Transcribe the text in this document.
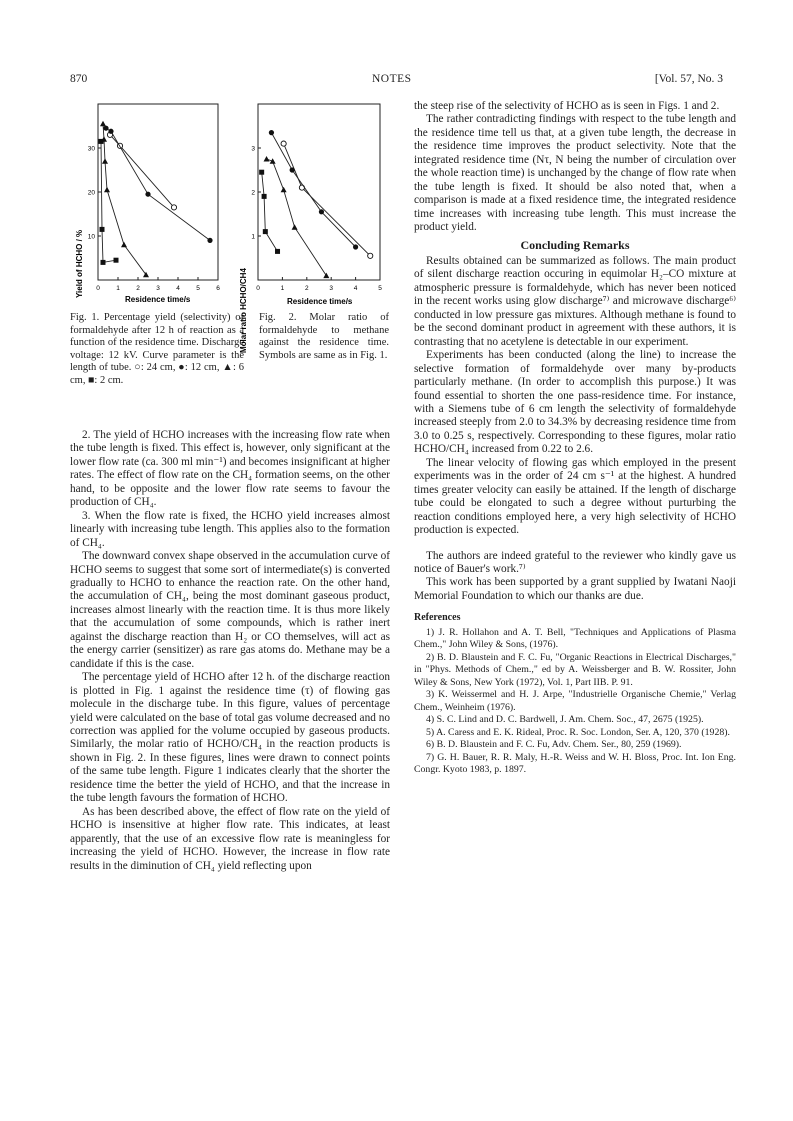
870	NOTES	[Vol. 57, No. 3
Yield of HCHO / %
Residence time/s
0	1	2	3	4	5	6
10
20
30
Fig. 1. Percentage yield (selectivity) of formaldehyde after 12 h of reaction as a function of the residence time. Discharge voltage: 12 kV. Curve parameter is the length of tube. ○: 24 cm, ●: 12 cm, ▲: 6 cm, ■: 2 cm.
Molar ratio HCHO/CH4	Residence time/s
0	1	2	3	4	5
1
2
3
Fig. 2. Molar ratio of formaldehyde to methane against the residence time. Symbols are same as in Fig. 1.

2. The yield of HCHO increases with the increasing flow rate when the tube length is fixed. This effect is, however, only significant at the lower flow rate (ca. 300 ml min⁻¹) and becomes insignificant at higher rates. The effect of flow rate on the CH₄ formation seems, on the other hand, to be opposite and the lower flow rate seems to favour the production of CH₄.

3. When the flow rate is fixed, the HCHO yield increases almost linearly with increasing tube length. This applies also to the formation of CH₄.

The downward convex shape observed in the accumulation curve of HCHO seems to suggest that some sort of intermediate(s) is converted gradually to HCHO to enhance the reaction rate. On the other hand, the accumulation of CH₄, being the most dominant gaseous product, increases almost linearly with the reaction time. It is thus more likely that the accumulation of some compounds, which is rather inert against the discharge reaction than H₂ or CO themselves, will act as the energy carrier (sensitizer) as rare gas atoms do. Methane may be a candidate if this is the case.

The percentage yield of HCHO after 12 h. of the discharge reaction is plotted in Fig. 1 against the residence time (τ) of flowing gas molecule in the discharge tube. In this figure, values of percentage yield were calculated on the base of total gas volume decreased and no correction was applied for the volume occupied by gaseous products. Similarly, the molar ratio of HCHO/CH₄ in the reaction products is shown in Fig. 2. In these figures, lines were drawn to connect points of the same tube length. Figure 1 indicates clearly that the shorter the residence time the better the yield of HCHO, and that the increase in the tube length favours the formation of HCHO.

As has been described above, the effect of flow rate on the yield of HCHO is insensitive at higher flow rate. This indicates, at least apparently, that the use of an excessive flow rate is meaningless for increasing the yield of HCHO. However, the increase in flow rate results in the diminution of CH₄ yield reflecting upon

the steep rise of the selectivity of HCHO as is seen in Figs. 1 and 2.

The rather contradicting findings with respect to the tube length and the residence time tell us that, at a given tube length, the decrease in the residence time improves the product selectivity. Note that the integrated residence time (Nτ, N being the number of circulation over the whole reaction time) is unchanged by the change of flow rate when the tube length is fixed. It should be also noted that, when a comparison is made at a fixed residence time, the integrated residence time increases with increasing tube length. This must increase the product yield.

Concluding Remarks

Results obtained can be summarized as follows. The main product of silent discharge reaction occuring in equimolar H₂–CO mixture at atmospheric pressure is formaldehyde, which has never been noticed in the recent works using glow discharge⁷⁾ and microwave discharge⁶⁾ conducted in low pressure gas mixtures. Although methane is found to be the second dominant product in agreement with these authors, it is contrasting that no acetylene is detectable in our experiment.

Experiments has been conducted (along the line) to increase the selective formation of formaldehyde over many by-products particularly methane. (In order to accomplish this purpose.) It was found essential to shorten the one pass-residence time. For instance, with a Siemens tube of 6 cm length the selectivity of formaldehyde increased steeply from 2.0 to 34.3% by decreasing residence time from 3.0 to 0.25 s, respectively. Corresponding to these figures, molar ratio HCHO/CH₄ increased from 0.22 to 2.6.

The linear velocity of flowing gas which employed in the present experiments was in the order of 24 cm s⁻¹ at the highest. A hundred times greater velocity can easily be attained. If the length of discharge tube could be elongated to such a degree without purturbing the reaction conditions employed here, a very high selectivity of HCHO production is expected.

The authors are indeed grateful to the reviewer who kindly gave us notice of Bauer's work.⁷⁾

This work has been supported by a grant supplied by Iwatani Naoji Memorial Foundation to which our thanks are due.

References

1) J. R. Hollahon and A. T. Bell, "Techniques and Applications of Plasma Chem.," John Wiley & Sons, (1976).

2) B. D. Blaustein and F. C. Fu, "Organic Reactions in Electrical Discharges," in "Phys. Methods of Chem.," ed by A. Weissberger and B. W. Rossiter, John Wiley & Sons, New York (1972), Vol. 1, Part IIB. P. 91.

3) K. Weissermel and H. J. Arpe, "Industrielle Organische Chemie," Verlag Chem., Weinheim (1976).

4) S. C. Lind and D. C. Bardwell, J. Am. Chem. Soc., 47, 2675 (1925).

5) A. Caress and E. K. Rideal, Proc. R. Soc. London, Ser. A, 120, 370 (1928).

6) B. D. Blaustein and F. C. Fu, Adv. Chem. Ser., 80, 259 (1969).

7) G. H. Bauer, R. R. Maly, H.-R. Weiss and W. H. Bloss, Proc. Int. Ion Eng. Congr. Kyoto 1983, p. 1897.
